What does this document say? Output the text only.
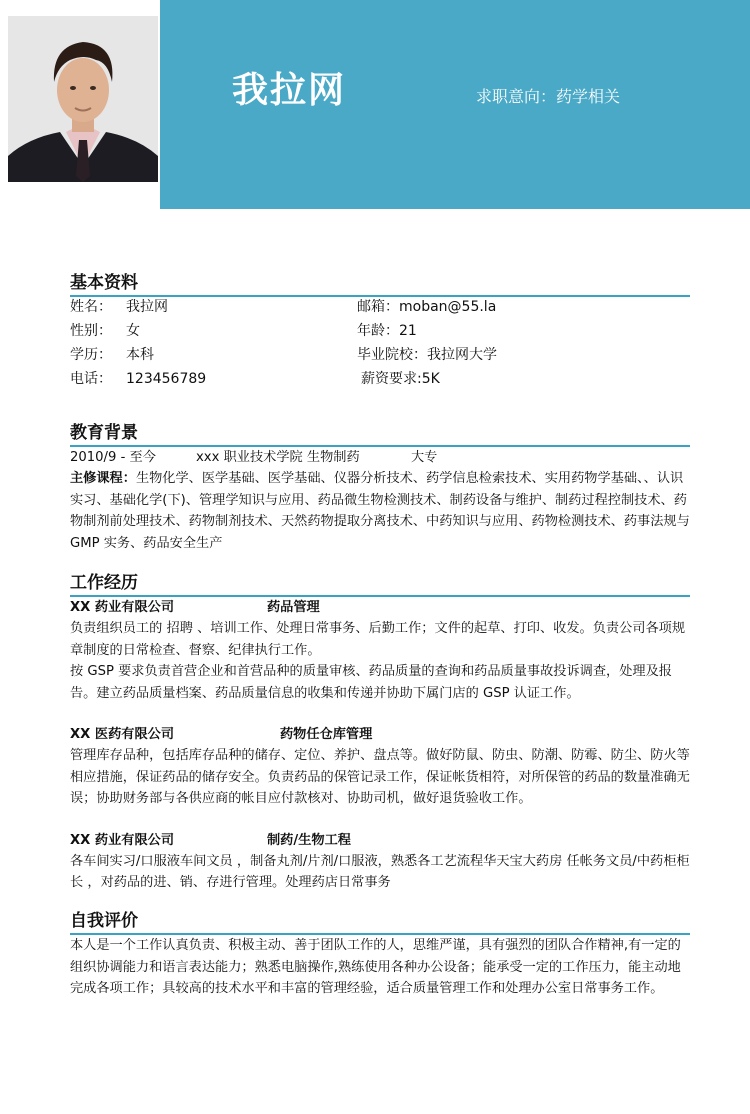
我拉网	求职意向：药学相关
基本资料
姓名： 我拉网	邮箱：moban@55.la
性别： 女	年龄：21
学历： 本科	毕业院校：我拉网大学
电话： 123456789	薪资要求:5K
教育背景
2010/9 - 至今	xxx 职业技术学院 生物制药	大专

主修课程：生物化学、医学基础、医学基础、仪器分析技术、药学信息检索技术、实用药物学基础、、认识实习、基础化学(下)、管理学知识与应用、药品微生物检测技术、制药设备与维护、制药过程控制技术、药物制剂前处理技术、药物制剂技术、天然药物提取分离技术、中药知识与应用、药物检测技术、药事法规与 GMP 实务、药品安全生产

工作经历
XX 药业有限公司	药品管理

负责组织员工的 招聘 、培训工作、处理日常事务、后勤工作；文件的起草、打印、收发。负责公司各项规章制度的日常检查、督察、纪律执行工作。

按 GSP 要求负责首营企业和首营品种的质量审核、药品质量的查询和药品质量事故投诉调查，处理及报告。建立药品质量档案、药品质量信息的收集和传递并协助下属门店的 GSP 认证工作。

XX 医药有限公司	药物任仓库管理

管理库存品种，包括库存品种的储存、定位、养护、盘点等。做好防鼠、防虫、防潮、防霉、防尘、防火等相应措施，保证药品的储存安全。负责药品的保管记录工作，保证帐货相符，对所保管的药品的数量准确无误；协助财务部与各供应商的帐目应付款核对、协助司机，做好退货验收工作。

XX 药业有限公司	制药/生物工程

各车间实习/口服液车间文员 ，制备丸剂/片剂/口服液，熟悉各工艺流程华天宝大药房 任帐务文员/中药柜柜长 ，对药品的进、销、存进行管理。处理药店日常事务

自我评价

本人是一个工作认真负责、积极主动、善于团队工作的人，思维严谨，具有强烈的团队合作精神,有一定的组织协调能力和语言表达能力；熟悉电脑操作,熟练使用各种办公设备；能承受一定的工作压力，能主动地完成各项工作；具较高的技术水平和丰富的管理经验，适合质量管理工作和处理办公室日常事务工作。
